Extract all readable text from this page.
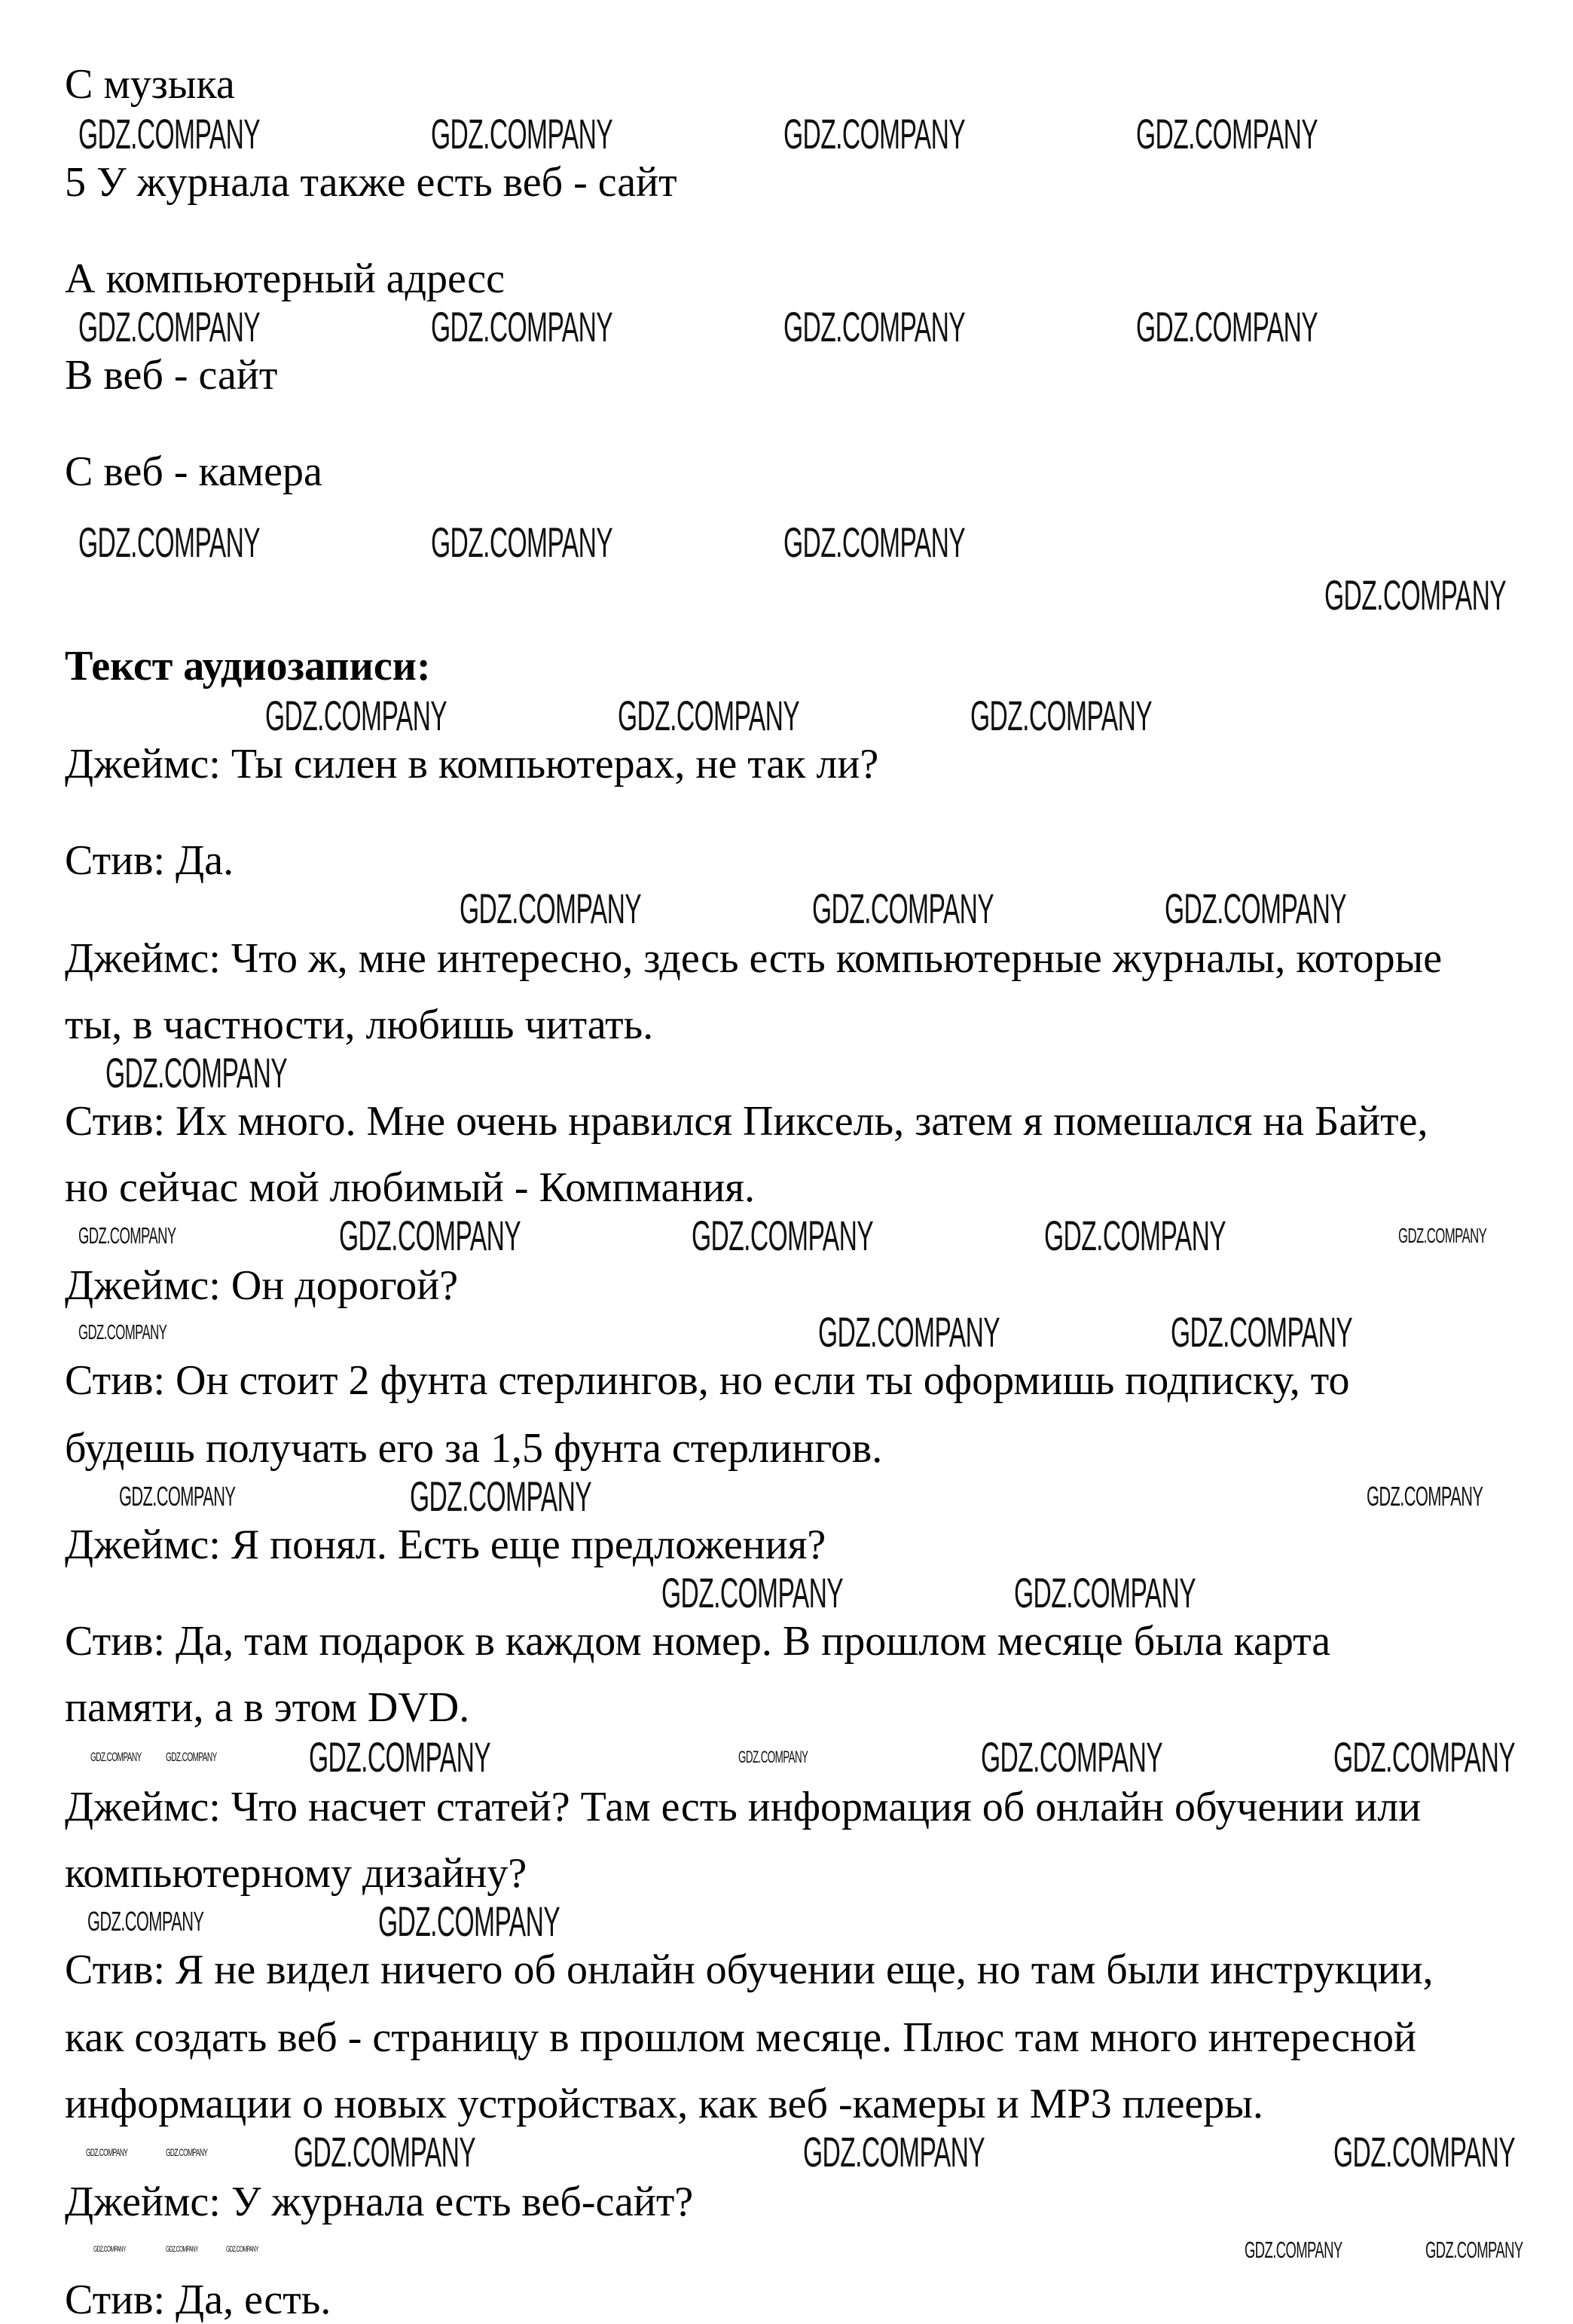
С музыка
5 У журнала также есть веб - сайт
А компьютерный адресс
В веб - сайт
С веб - камера
Текст аудиозаписи:
Джеймс: Ты силен в компьютерах, не так ли?
Стив: Да.
Джеймс: Что ж, мне интересно, здесь есть компьютерные журналы, которые
ты, в частности, любишь читать.
Стив: Их много. Мне очень нравился Пиксель, затем я помешался на Байте,
но сейчас мой любимый - Компмания.
Джеймс: Он дорогой?
Стив: Он стоит 2 фунта стерлингов, но если ты оформишь подписку, то
будешь получать его за 1,5 фунта стерлингов.
Джеймс: Я понял. Есть еще предложения?
Стив: Да, там подарок в каждом номер. В прошлом месяце была карта
памяти, а в этом DVD.
Джеймс: Что насчет статей? Там есть информация об онлайн обучении или
компьютерному дизайну?
Стив: Я не видел ничего об онлайн обучении еще, но там были инструкции,
как создать веб - страницу в прошлом месяце. Плюс там много интересной
информации о новых устройствах, как веб -камеры и MP3 плееры.
Джеймс: У журнала есть веб-сайт?
Стив: Да, есть.
GDZ.COMPANY	GDZ.COMPANY	GDZ.COMPANY	GDZ.COMPANY
GDZ.COMPANY	GDZ.COMPANY	GDZ.COMPANY	GDZ.COMPANY
GDZ.COMPANY	GDZ.COMPANY	GDZ.COMPANY
GDZ.COMPANY
GDZ.COMPANY	GDZ.COMPANY	GDZ.COMPANY
GDZ.COMPANY	GDZ.COMPANY	GDZ.COMPANY
GDZ.COMPANY
GDZ.COMPANY	GDZ.COMPANY	GDZ.COMPANY	GDZ.COMPANY	GDZ.COMPANY
GDZ.COMPANY	GDZ.COMPANY	GDZ.COMPANY
GDZ.COMPANY	GDZ.COMPANY	GDZ.COMPANY
GDZ.COMPANY	GDZ.COMPANY
GDZ.COMPANY GDZ.COMPANY GDZ.COMPANY	GDZ.COMPANY	GDZ.COMPANY	GDZ.COMPANY
GDZ.COMPANY	GDZ.COMPANY
GDZ.COMPANY	GDZ.COMPANY GDZ.COMPANY	GDZ.COMPANY	GDZ.COMPANY
GDZ.COMPANY	GDZ.COMPANY	GDZ.COMPANY	GDZ.COMPANY	GDZ.COMPANY
